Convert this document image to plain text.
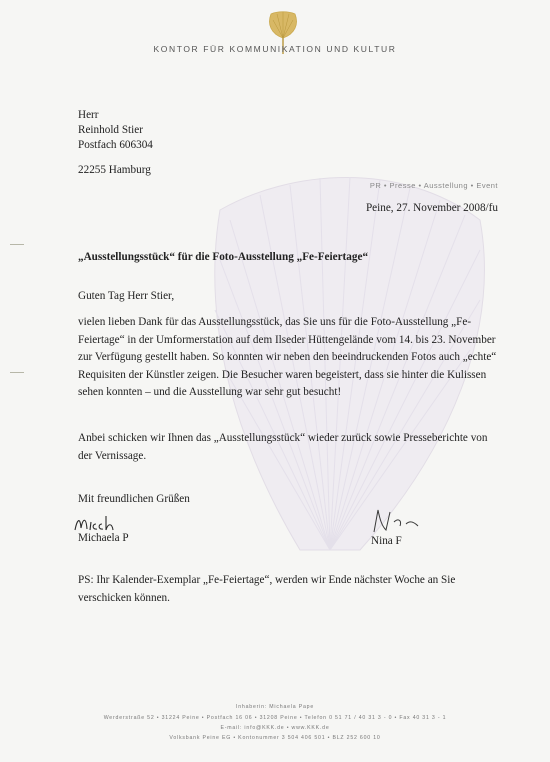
KONTOR FÜR KOMMUNIKATION UND KULTUR
Herr
Reinhold Stier
Postfach 606304
22255 Hamburg
PR • Presse • Ausstellung • Event
Peine, 27. November 2008/fu
„Ausstellungsstück“ für die Foto-Ausstellung „Fe-Feiertage“
Guten Tag Herr Stier,
vielen lieben Dank für das Ausstellungsstück, das Sie uns für die Foto-Ausstellung „Fe-
Feiertage“ in der Umformerstation auf dem Ilseder Hüttengelände vom 14. bis 23. November
zur Verfügung gestellt haben. So konnten wir neben den beeindruckenden Fotos auch „echte“
Requisiten der Künstler zeigen. Die Besucher waren begeistert, dass sie hinter die Kulissen
sehen konnten – und die Ausstellung war sehr gut besucht!
Anbei schicken wir Ihnen das „Ausstellungsstück“ wieder zurück sowie Presseberichte von
der Vernissage.
Mit freundlichen Grüßen
Michaela P	Nina F
PS: Ihr Kalender-Exemplar „Fe-Feiertage“, werden wir Ende nächster Woche an Sie
verschicken können.
Inhaberin: Michaela Pape
Werderstraße 52 • 31224 Peine • Postfach 16 06 • 31208 Peine • Telefon 0 51 71 / 40 31 3 - 0 • Fax 40 31 3 - 1
E-mail: info@KKK.de • www.KKK.de
Volksbank Peine EG • Kontonummer 3 504 406 501 • BLZ 252 600 10
